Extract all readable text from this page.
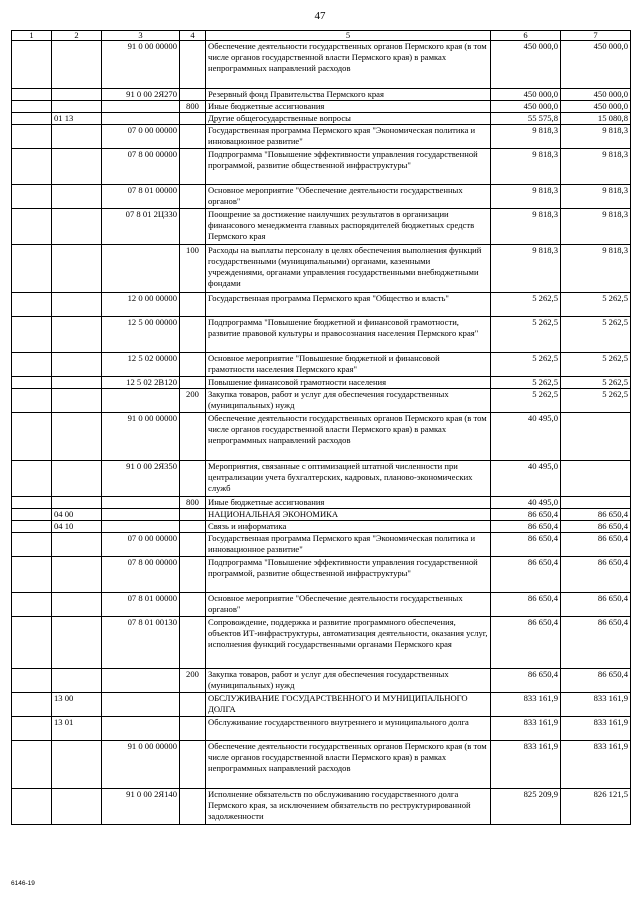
47
1	2	3	4	5	6	7
		91 0 00 00000		Обеспечение деятельности государственных органов Пермского края (в том числе органов государственной власти Пермского края) в рамках непрограммных направлений расходов	450 000,0	450 000,0
		91 0 00 2Я270		Резервный фонд Правительства Пермского края	450 000,0	450 000,0
			800	Иные бюджетные ассигнования	450 000,0	450 000,0
	01 13			Другие общегосударственные вопросы	55 575,8	15 080,8
		07 0 00 00000		Государственная программа Пермского края "Экономическая политика и инновационное развитие"	9 818,3	9 818,3
		07 8 00 00000		Подпрограмма "Повышение эффективности управления государственной программой, развитие общественной инфраструктуры"	9 818,3	9 818,3
		07 8 01 00000		Основное мероприятие "Обеспечение деятельности государственных органов"	9 818,3	9 818,3
		07 8 01 2Ц330		Поощрение за достижение наилучших результатов в организации финансового менеджмента главных распорядителей бюджетных средств Пермского края	9 818,3	9 818,3
			100	Расходы на выплаты персоналу в целях обеспечения выполнения функций государственными (муниципальными) органами, казенными учреждениями, органами управления государственными внебюджетными фондами	9 818,3	9 818,3
		12 0 00 00000		Государственная программа Пермского края "Общество и власть"	5 262,5	5 262,5
		12 5 00 00000		Подпрограмма "Повышение бюджетной и финансовой грамотности, развитие правовой культуры и правосознания населения Пермского края"	5 262,5	5 262,5
		12 5 02 00000		Основное мероприятие "Повышение бюджетной и финансовой грамотности населения Пермского края"	5 262,5	5 262,5
		12 5 02 2В120		Повышение финансовой грамотности населения	5 262,5	5 262,5
			200	Закупка товаров, работ и услуг для обеспечения государственных (муниципальных) нужд	5 262,5	5 262,5
		91 0 00 00000		Обеспечение деятельности государственных органов Пермского края (в том числе органов государственной власти Пермского края) в рамках непрограммных направлений расходов	40 495,0	
		91 0 00 2Я350		Мероприятия, связанные с оптимизацией штатной численности при централизации учета бухгалтерских, кадровых, планово-экономических служб	40 495,0	
			800	Иные бюджетные ассигнования	40 495,0	
	04 00			НАЦИОНАЛЬНАЯ ЭКОНОМИКА	86 650,4	86 650,4
	04 10			Связь и информатика	86 650,4	86 650,4
		07 0 00 00000		Государственная программа Пермского края "Экономическая политика и инновационное развитие"	86 650,4	86 650,4
		07 8 00 00000		Подпрограмма "Повышение эффективности управления государственной программой, развитие общественной инфраструктуры"	86 650,4	86 650,4
		07 8 01 00000		Основное мероприятие "Обеспечение деятельности государственных органов"	86 650,4	86 650,4
		07 8 01 00130		Сопровождение, поддержка и развитие программного обеспечения, объектов ИТ-инфраструктуры, автоматизация деятельности, оказания услуг, исполнения функций государственными органами Пермского края	86 650,4	86 650,4
			200	Закупка товаров, работ и услуг для обеспечения государственных (муниципальных) нужд	86 650,4	86 650,4
	13 00			ОБСЛУЖИВАНИЕ ГОСУДАРСТВЕННОГО И МУНИЦИПАЛЬНОГО ДОЛГА	833 161,9	833 161,9
	13 01			Обслуживание государственного внутреннего и муниципального долга	833 161,9	833 161,9
		91 0 00 00000		Обеспечение деятельности государственных органов Пермского края (в том числе органов государственной власти Пермского края) в рамках непрограммных направлений расходов	833 161,9	833 161,9
		91 0 00 2Я140		Исполнение обязательств по обслуживанию государственного долга Пермского края, за исключением обязательств по реструктурированной задолженности	825 209,9	826 121,5
6146-19
